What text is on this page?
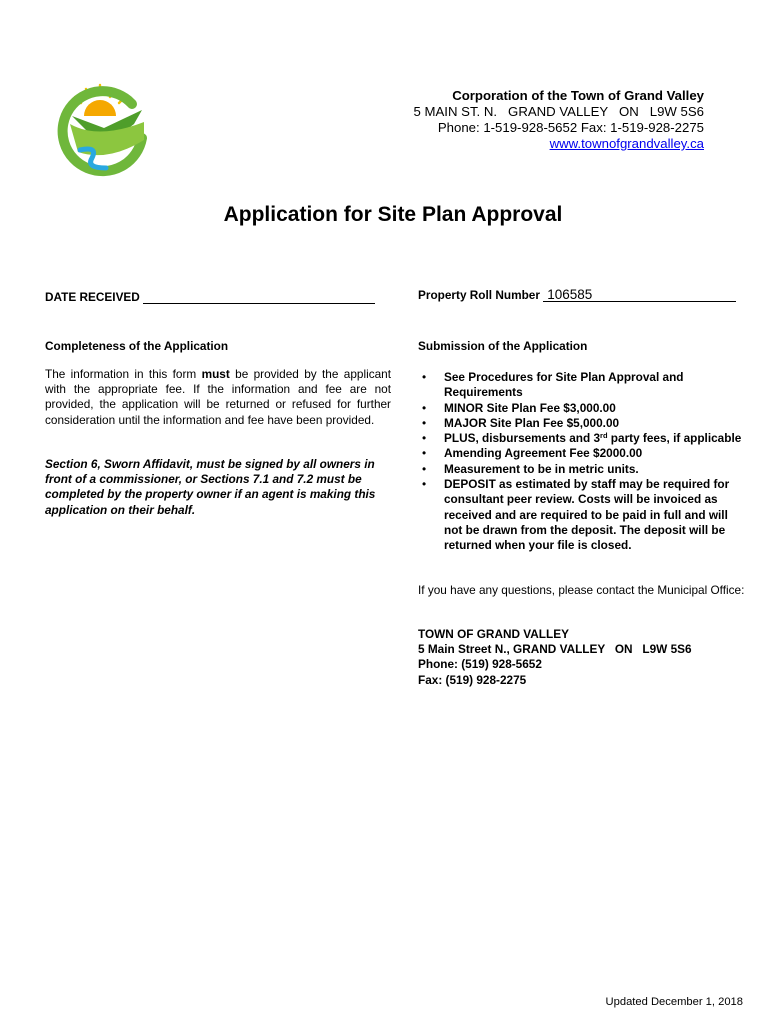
Corporation of the Town of Grand Valley
5 MAIN ST. N.   GRAND VALLEY   ON   L9W 5S6
Phone: 1-519-928-5652 Fax: 1-519-928-2275
www.townofgrandvalley.ca
Application for Site Plan Approval
DATE RECEIVED	Property Roll Number 106585
Completeness of the Application
The information in this form must be provided by the applicant with the appropriate fee. If the information and fee are not provided, the application will be returned or refused for further consideration until the information and fee have been provided.
Section 6, Sworn Affidavit, must be signed by all owners in front of a commissioner, or Sections 7.1 and 7.2 must be completed by the property owner if an agent is making this application on their behalf.
Submission of the Application
• See Procedures for Site Plan Approval and Requirements
• MINOR Site Plan Fee $3,000.00
• MAJOR Site Plan Fee $5,000.00
• PLUS, disbursements and 3rd party fees, if applicable
• Amending Agreement Fee $2000.00
• Measurement to be in metric units.
• DEPOSIT as estimated by staff may be required for consultant peer review. Costs will be invoiced as received and are required to be paid in full and will not be drawn from the deposit. The deposit will be returned when your file is closed.
If you have any questions, please contact the Municipal Office:
TOWN OF GRAND VALLEY
5 Main Street N., GRAND VALLEY   ON   L9W 5S6
Phone: (519) 928-5652
Fax: (519) 928-2275
Updated December 1, 2018
